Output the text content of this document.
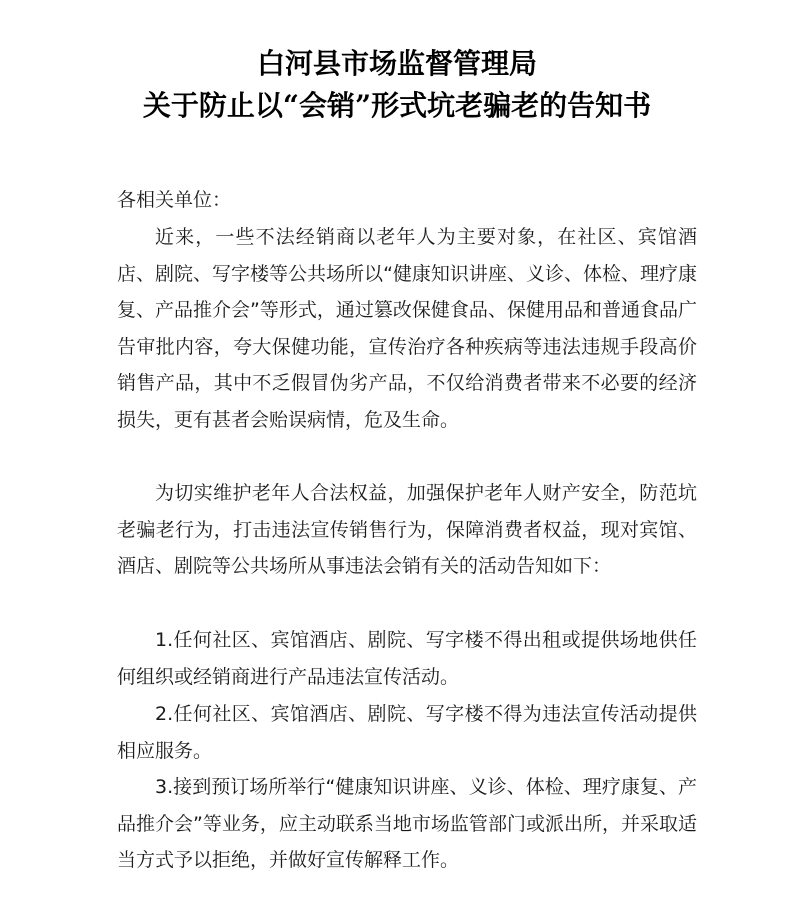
白河县市场监督管理局
关于防止以“会销”形式坑老骗老的告知书

各相关单位：

近来，一些不法经销商以老年人为主要对象，在社区、宾馆酒店、剧院、写字楼等公共场所以“健康知识讲座、义诊、体检、理疗康复、产品推介会”等形式，通过篡改保健食品、保健用品和普通食品广告审批内容，夸大保健功能，宣传治疗各种疾病等违法违规手段高价销售产品，其中不乏假冒伪劣产品，不仅给消费者带来不必要的经济损失，更有甚者会贻误病情，危及生命。

为切实维护老年人合法权益，加强保护老年人财产安全，防范坑老骗老行为，打击违法宣传销售行为，保障消费者权益，现对宾馆、酒店、剧院等公共场所从事违法会销有关的活动告知如下：

1.任何社区、宾馆酒店、剧院、写字楼不得出租或提供场地供任何组织或经销商进行产品违法宣传活动。

2.任何社区、宾馆酒店、剧院、写字楼不得为违法宣传活动提供相应服务。

3.接到预订场所举行“健康知识讲座、义诊、体检、理疗康复、产品推介会”等业务，应主动联系当地市场监管部门或派出所，并采取适当方式予以拒绝，并做好宣传解释工作。
